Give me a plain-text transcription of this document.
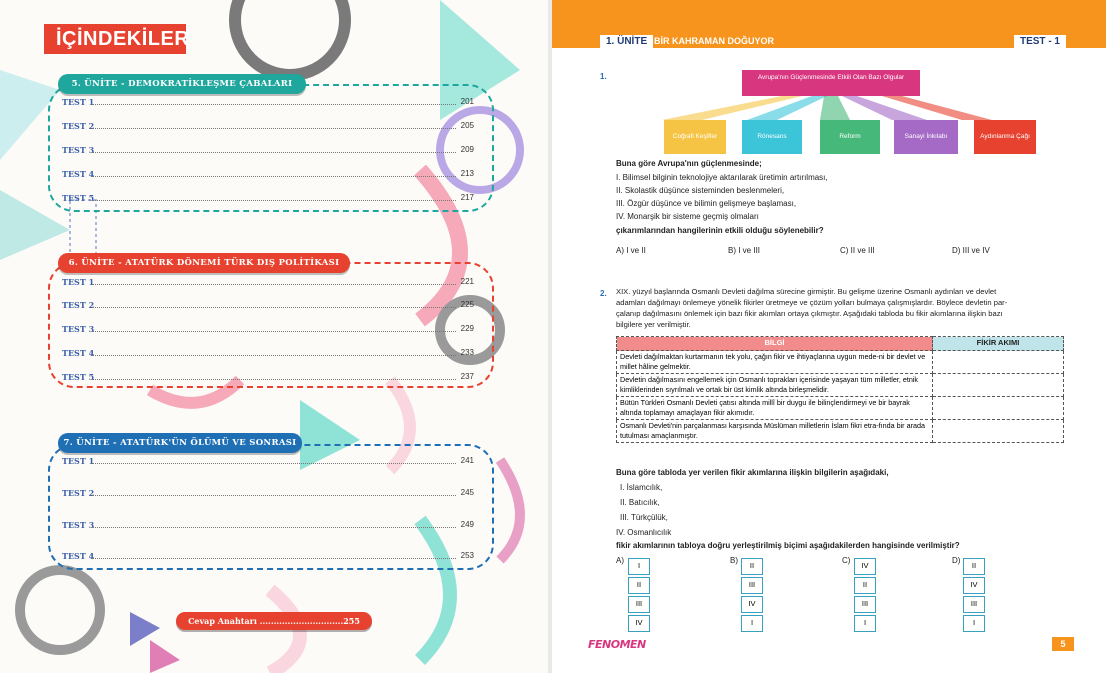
İÇİNDEKİLER
5. ÜNİTE - DEMOKRATİKLEŞME ÇABALARI
TEST 1	201
TEST 2	205
TEST 3	209
TEST 4	213
TEST 5	217
6. ÜNİTE - ATATÜRK DÖNEMİ TÜRK DIŞ POLİTİKASI
TEST 1	221
TEST 2	225
TEST 3	229
TEST 4	233
TEST 5	237
7. ÜNİTE - ATATÜRK'ÜN ÖLÜMÜ VE SONRASI
TEST 1	241
TEST 2	245
TEST 3	249
TEST 4	253
Cevap Anahtarı ..............................255
1. ÜNİTE BİR KAHRAMAN DOĞUYOR	TEST - 1
1.	Avrupa'nın Güçlenmesinde Etkili Olan Bazı Olgular
Coğrafi Keşifler	Rönesans	Reform	Sanayi İnkılabı	Aydınlanma Çağı
Buna göre Avrupa'nın güçlenmesinde;
I. Bilimsel bilginin teknolojiye aktarılarak üretimin artırılması,
II. Skolastik düşünce sisteminden beslenmeleri,
III. Özgür düşünce ve bilimin gelişmeye başlaması,
IV. Monarşik bir sisteme geçmiş olmaları
çıkarımlarından hangilerinin etkili olduğu söylenebilir?
A) I ve II	B) I ve III	C) II ve III	D) III ve IV
2. XIX. yüzyıl başlarında Osmanlı Devleti dağılma sürecine girmiştir. Bu gelişme üzerine Osmanlı aydınları ve devlet
adamları dağılmayı önlemeye yönelik fikirler üretmeye ve çözüm yolları bulmaya çalışmışlardır. Böylece devletin par-
çalanıp dağılmasını önlemek için bazı fikir akımları ortaya çıkmıştır. Aşağıdaki tabloda bu fikir akımlarına ilişkin bazı
bilgilere yer verilmiştir.
BİLGİ	FİKİR AKIMI
Devleti dağılmaktan kurtarmanın tek yolu, çağın fikir ve ihtiyaçlarına uygun mede-ni bir devlet ve millet hâline gelmektir.	
Devletin dağılmasını engellemek için Osmanlı toprakları içerisinde yaşayan tüm milletler, etnik kimliklerinden sıyrılmalı ve ortak bir üst kimlik altında birleşmelidir.	
Bütün Türkleri Osmanlı Devleti çatısı altında millî bir duygu ile bilinçlendirmeyi ve bir bayrak altında toplamayı amaçlayan fikir akımıdır.	
Osmanlı Devleti'nin parçalanması karşısında Müslüman milletlerin İslam fikri etra-fında bir arada tutulması amaçlanmıştır.	
Buna göre tabloda yer verilen fikir akımlarına ilişkin bilgilerin aşağıdaki,
I. İslamcılık,
II. Batıcılık,
III. Türkçülük,
IV. Osmanlıcılık
fikir akımlarının tabloya doğru yerleştirilmiş biçimi aşağıdakilerden hangisinde verilmiştir?
A)
I
II
III
IV
B)
II
III
IV
I
C)
IV
II
III
I
D)
II
IV
III
I
FENOMEN	5
